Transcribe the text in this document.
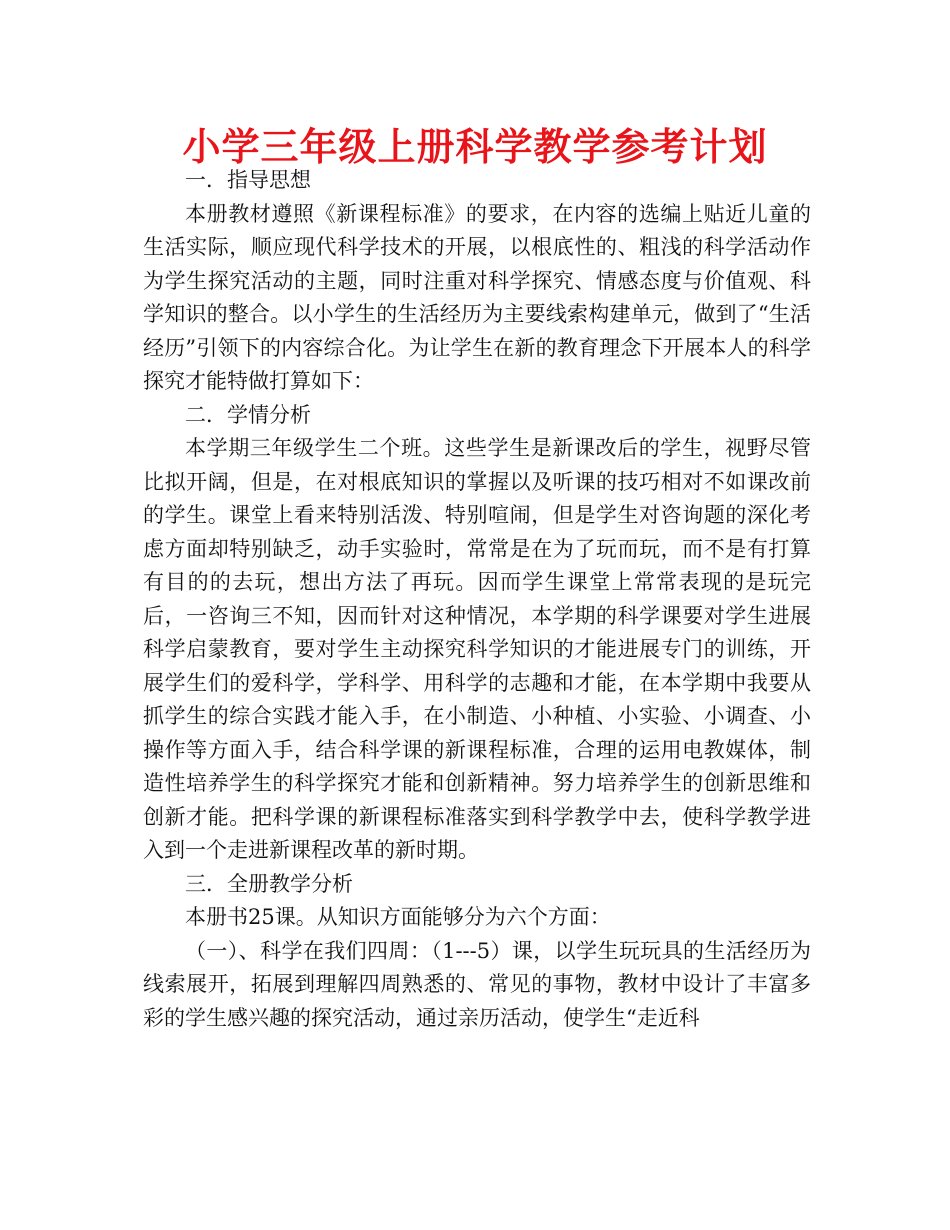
小学三年级上册科学教学参考计划

一．指导思想

本册教材遵照《新课程标准》的要求，在内容的选编上贴近儿童的生活实际，顺应现代科学技术的开展，以根底性的、粗浅的科学活动作为学生探究活动的主题，同时注重对科学探究、情感态度与价值观、科学知识的整合。以小学生的生活经历为主要线索构建单元，做到了“生活经历”引领下的内容综合化。为让学生在新的教育理念下开展本人的科学探究才能特做打算如下：

二．学情分析

本学期三年级学生二个班。这些学生是新课改后的学生，视野尽管比拟开阔，但是，在对根底知识的掌握以及听课的技巧相对不如课改前的学生。课堂上看来特别活泼、特别喧闹，但是学生对咨询题的深化考虑方面却特别缺乏，动手实验时，常常是在为了玩而玩，而不是有打算有目的的去玩，想出方法了再玩。因而学生课堂上常常表现的是玩完后，一咨询三不知，因而针对这种情况，本学期的科学课要对学生进展科学启蒙教育，要对学生主动探究科学知识的才能进展专门的训练，开展学生们的爱科学，学科学、用科学的志趣和才能，在本学期中我要从抓学生的综合实践才能入手，在小制造、小种植、小实验、小调查、小操作等方面入手，结合科学课的新课程标准，合理的运用电教媒体，制造性培养学生的科学探究才能和创新精神。努力培养学生的创新思维和创新才能。把科学课的新课程标准落实到科学教学中去，使科学教学进入到一个走进新课程改革的新时期。

三．全册教学分析

本册书25课。从知识方面能够分为六个方面：

（一）、科学在我们四周：（1---5）课，以学生玩玩具的生活经历为线索展开，拓展到理解四周熟悉的、常见的事物，教材中设计了丰富多彩的学生感兴趣的探究活动，通过亲历活动，使学生“走近科
